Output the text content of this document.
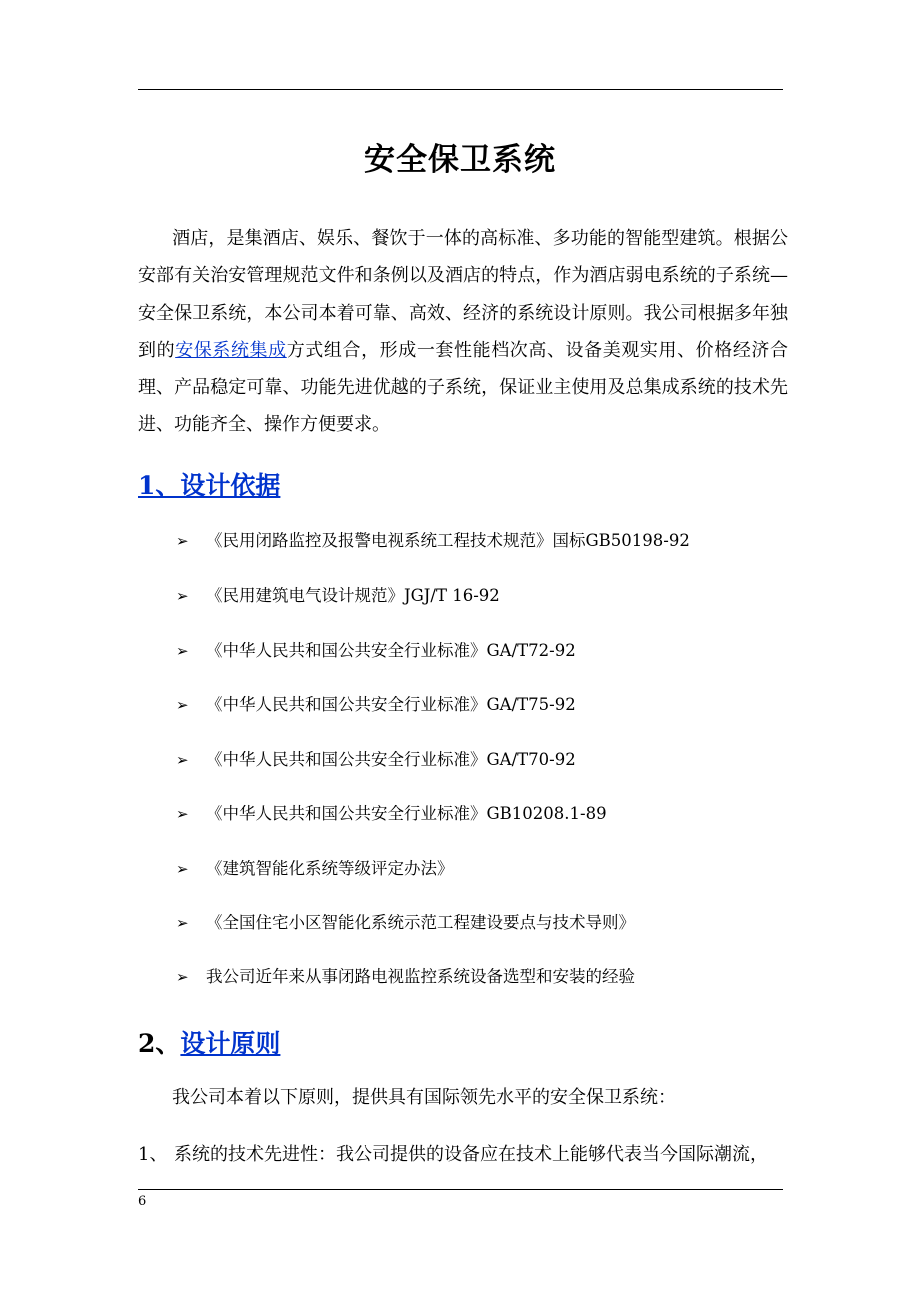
安全保卫系统

酒店，是集酒店、娱乐、餐饮于一体的高标准、多功能的智能型建筑。根据公安部有关治安管理规范文件和条例以及酒店的特点，作为酒店弱电系统的子系统—安全保卫系统，本公司本着可靠、高效、经济的系统设计原则。我公司根据多年独到的安保系统集成方式组合，形成一套性能档次高、设备美观实用、价格经济合理、产品稳定可靠、功能先进优越的子系统，保证业主使用及总集成系统的技术先进、功能齐全、操作方便要求。

1、设计依据
➢ 《民用闭路监控及报警电视系统工程技术规范》国标GB50198-92
➢ 《民用建筑电气设计规范》JGJ/T 16-92
➢ 《中华人民共和国公共安全行业标准》GA/T72-92
➢ 《中华人民共和国公共安全行业标准》GA/T75-92
➢ 《中华人民共和国公共安全行业标准》GA/T70-92
➢ 《中华人民共和国公共安全行业标准》GB10208.1-89
➢ 《建筑智能化系统等级评定办法》
➢ 《全国住宅小区智能化系统示范工程建设要点与技术导则》
➢ 我公司近年来从事闭路电视监控系统设备选型和安装的经验
2、设计原则
我公司本着以下原则，提供具有国际领先水平的安全保卫系统：
1、 系统的技术先进性：我公司提供的设备应在技术上能够代表当今国际潮流，
6
